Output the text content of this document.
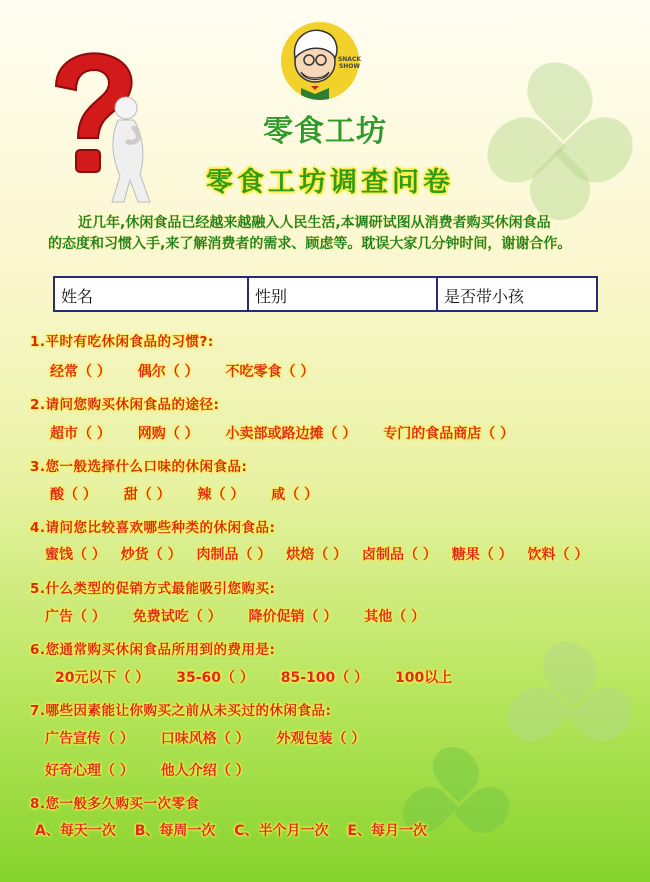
SNACK
SHOW
零食工坊
零食工坊调查问卷
近几年,休闲食品已经越来越融入人民生活,本调研试图从消费者购买休闲食品
的态度和习惯入手,来了解消费者的需求、顾虑等。耽误大家几分钟时间，谢谢合作。
姓名	性别	是否带小孩
1.平时有吃休闲食品的习惯?:
经常（ ） 偶尔（ ） 不吃零食（ ）
2.请问您购买休闲食品的途径:
超市（ ） 网购（ ） 小卖部或路边摊（ ） 专门的食品商店（ ）
3.您一般选择什么口味的休闲食品:
酸（ ） 甜（ ） 辣（ ） 咸（ ）
4.请问您比较喜欢哪些种类的休闲食品:
蜜饯（ ） 炒货（ ） 肉制品（ ） 烘焙（ ） 卤制品（ ） 糖果（ ） 饮料（ ）
5.什么类型的促销方式最能吸引您购买:
广告（ ） 免费试吃（ ） 降价促销（ ） 其他（ ）
6.您通常购买休闲食品所用到的费用是:
20元以下（ ） 35-60（ ） 85-100（ ） 100以上
7.哪些因素能让你购买之前从未买过的休闲食品:
广告宣传（ ） 口味风格（ ） 外观包装（ ）
好奇心理（ ） 他人介绍（ ）
8.您一般多久购买一次零食
A、每天一次 B、每周一次 C、半个月一次 E、每月一次
